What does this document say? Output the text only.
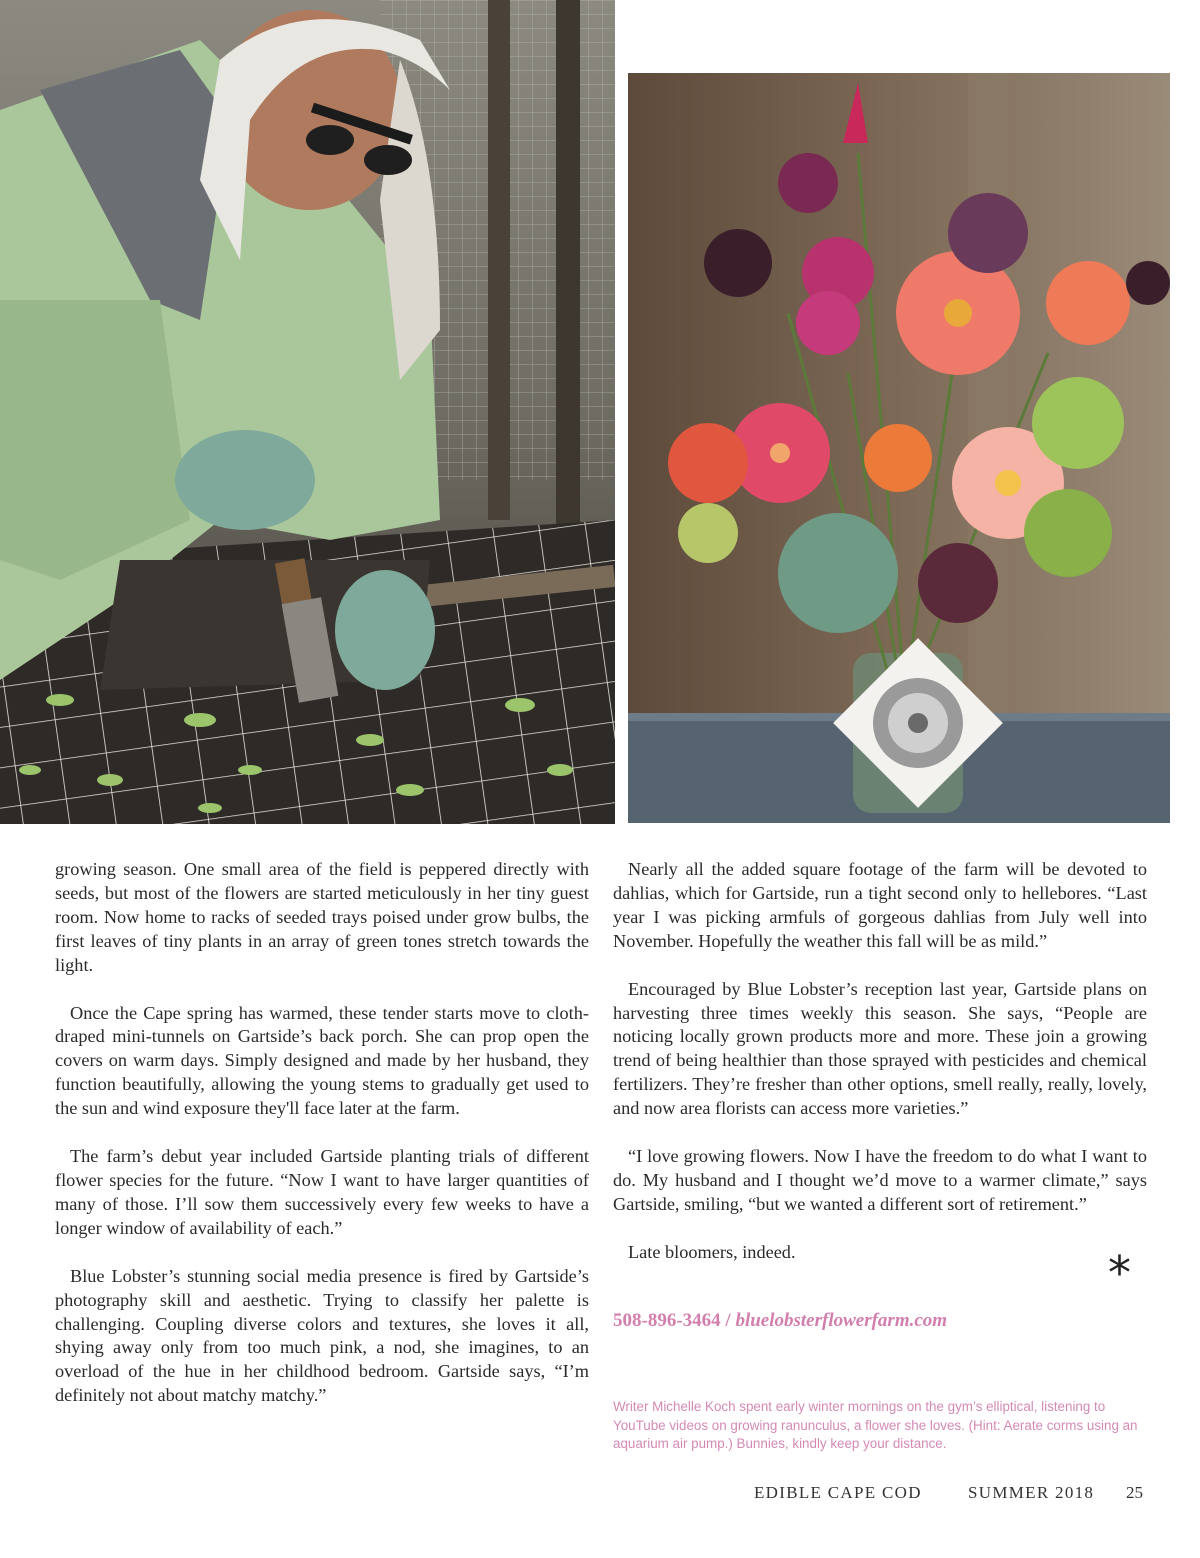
growing season. One small area of the field is peppered directly with seeds, but most of the flowers are started meticulously in her tiny guest room. Now home to racks of seeded trays poised under grow bulbs, the first leaves of tiny plants in an array of green tones stretch towards the light.

Once the Cape spring has warmed, these tender starts move to cloth-draped mini-tunnels on Gartside’s back porch. She can prop open the covers on warm days. Simply designed and made by her husband, they function beautifully, allowing the young stems to gradually get used to the sun and wind exposure they'll face later at the farm.

The farm’s debut year included Gartside planting trials of different flower species for the future. “Now I want to have larger quantities of many of those. I’ll sow them successively every few weeks to have a longer window of availability of each.”

Blue Lobster’s stunning social media presence is fired by Gartside’s photography skill and aesthetic. Trying to classify her palette is challenging. Coupling diverse colors and textures, she loves it all, shying away only from too much pink, a nod, she imagines, to an overload of the hue in her childhood bedroom. Gartside says, “I’m definitely not about matchy matchy.”

Nearly all the added square footage of the farm will be devoted to dahlias, which for Gartside, run a tight second only to hellebores. “Last year I was picking armfuls of gorgeous dahlias from July well into November. Hopefully the weather this fall will be as mild.”

Encouraged by Blue Lobster’s reception last year, Gartside plans on harvesting three times weekly this season. She says, “People are noticing locally grown products more and more. These join a growing trend of being healthier than those sprayed with pesticides and chemical fertilizers. They’re fresher than other options, smell really, really, lovely, and now area florists can access more varieties.”

“I love growing flowers. Now I have the freedom to do what I want to do. My husband and I thought we’d move to a warmer climate,” says Gartside, smiling, “but we wanted a different sort of retirement.”

Late bloomers, indeed.	*
508-896-3464 / bluelobsterflowerfarm.com
Writer Michelle Koch spent early winter mornings on the gym’s elliptical, listening to YouTube videos on growing ranunculus, a flower she loves. (Hint: Aerate corms using an aquarium air pump.) Bunnies, kindly keep your distance.
EDIBLE CAPE COD	SUMMER 2018 25
